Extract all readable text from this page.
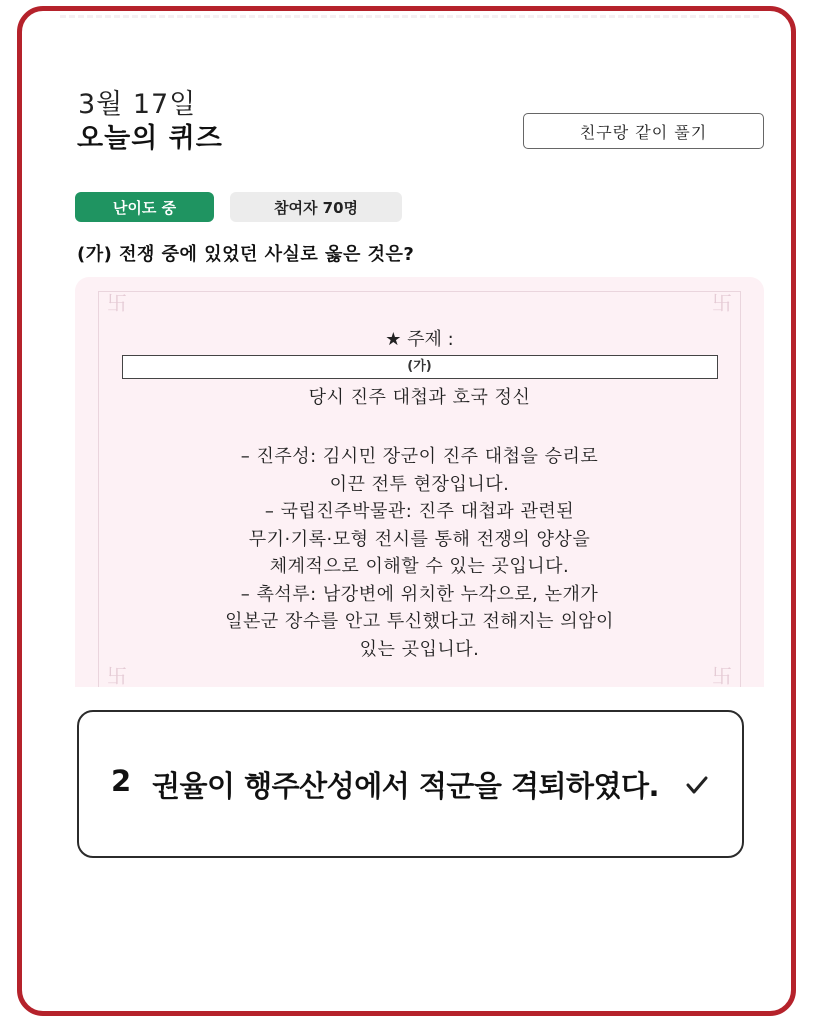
3월 17일
오늘의 퀴즈	친구랑 같이 풀기
난이도 중	참여자 70명
(가) 전쟁 중에 있었던 사실로 옳은 것은?
卐	卐
卐	卐
★ 주제 :
(가)
당시 진주 대첩과 호국 정신
– 진주성: 김시민 장군이 진주 대첩을 승리로
이끈 전투 현장입니다.
– 국립진주박물관: 진주 대첩과 관련된
무기·기록·모형 전시를 통해 전쟁의 양상을
체계적으로 이해할 수 있는 곳입니다.
– 촉석루: 남강변에 위치한 누각으로, 논개가
일본군 장수를 안고 투신했다고 전해지는 의암이
있는 곳입니다.
2 권율이 행주산성에서 적군을 격퇴하였다.
